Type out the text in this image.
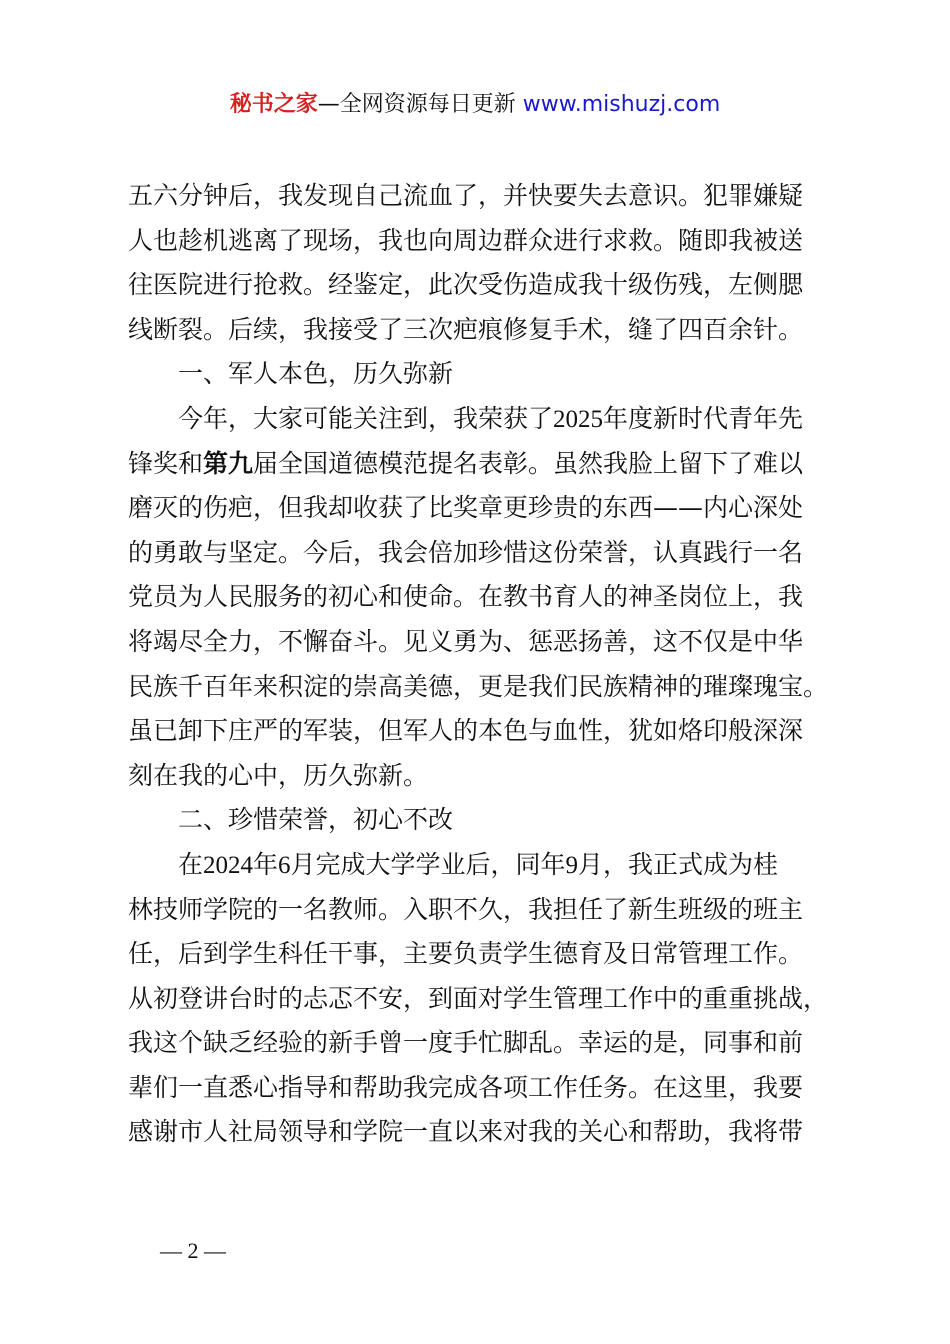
秘书之家—全网资源每日更新 www.mishuzj.com
五六分钟后，我发现自己流血了，并快要失去意识。犯罪嫌疑
人也趁机逃离了现场，我也向周边群众进行求救。随即我被送
往医院进行抢救。经鉴定，此次受伤造成我十级伤残，左侧腮
线断裂。后续，我接受了三次疤痕修复手术，缝了四百余针。
一、军人本色，历久弥新
今年，大家可能关注到，我荣获了2025年度新时代青年先
锋奖和第九届全国道德模范提名表彰。虽然我脸上留下了难以
磨灭的伤疤，但我却收获了比奖章更珍贵的东西——内心深处
的勇敢与坚定。今后，我会倍加珍惜这份荣誉，认真践行一名
党员为人民服务的初心和使命。在教书育人的神圣岗位上，我
将竭尽全力，不懈奋斗。见义勇为、惩恶扬善，这不仅是中华
民族千百年来积淀的崇高美德，更是我们民族精神的璀璨瑰宝。
虽已卸下庄严的军装，但军人的本色与血性，犹如烙印般深深
刻在我的心中，历久弥新。
二、珍惜荣誉，初心不改
在2024年6月完成大学学业后，同年9月，我正式成为桂
林技师学院的一名教师。入职不久，我担任了新生班级的班主
任，后到学生科任干事，主要负责学生德育及日常管理工作。
从初登讲台时的忐忑不安，到面对学生管理工作中的重重挑战，
我这个缺乏经验的新手曾一度手忙脚乱。幸运的是，同事和前
辈们一直悉心指导和帮助我完成各项工作任务。在这里，我要
感谢市人社局领导和学院一直以来对我的关心和帮助，我将带
— 2 —
